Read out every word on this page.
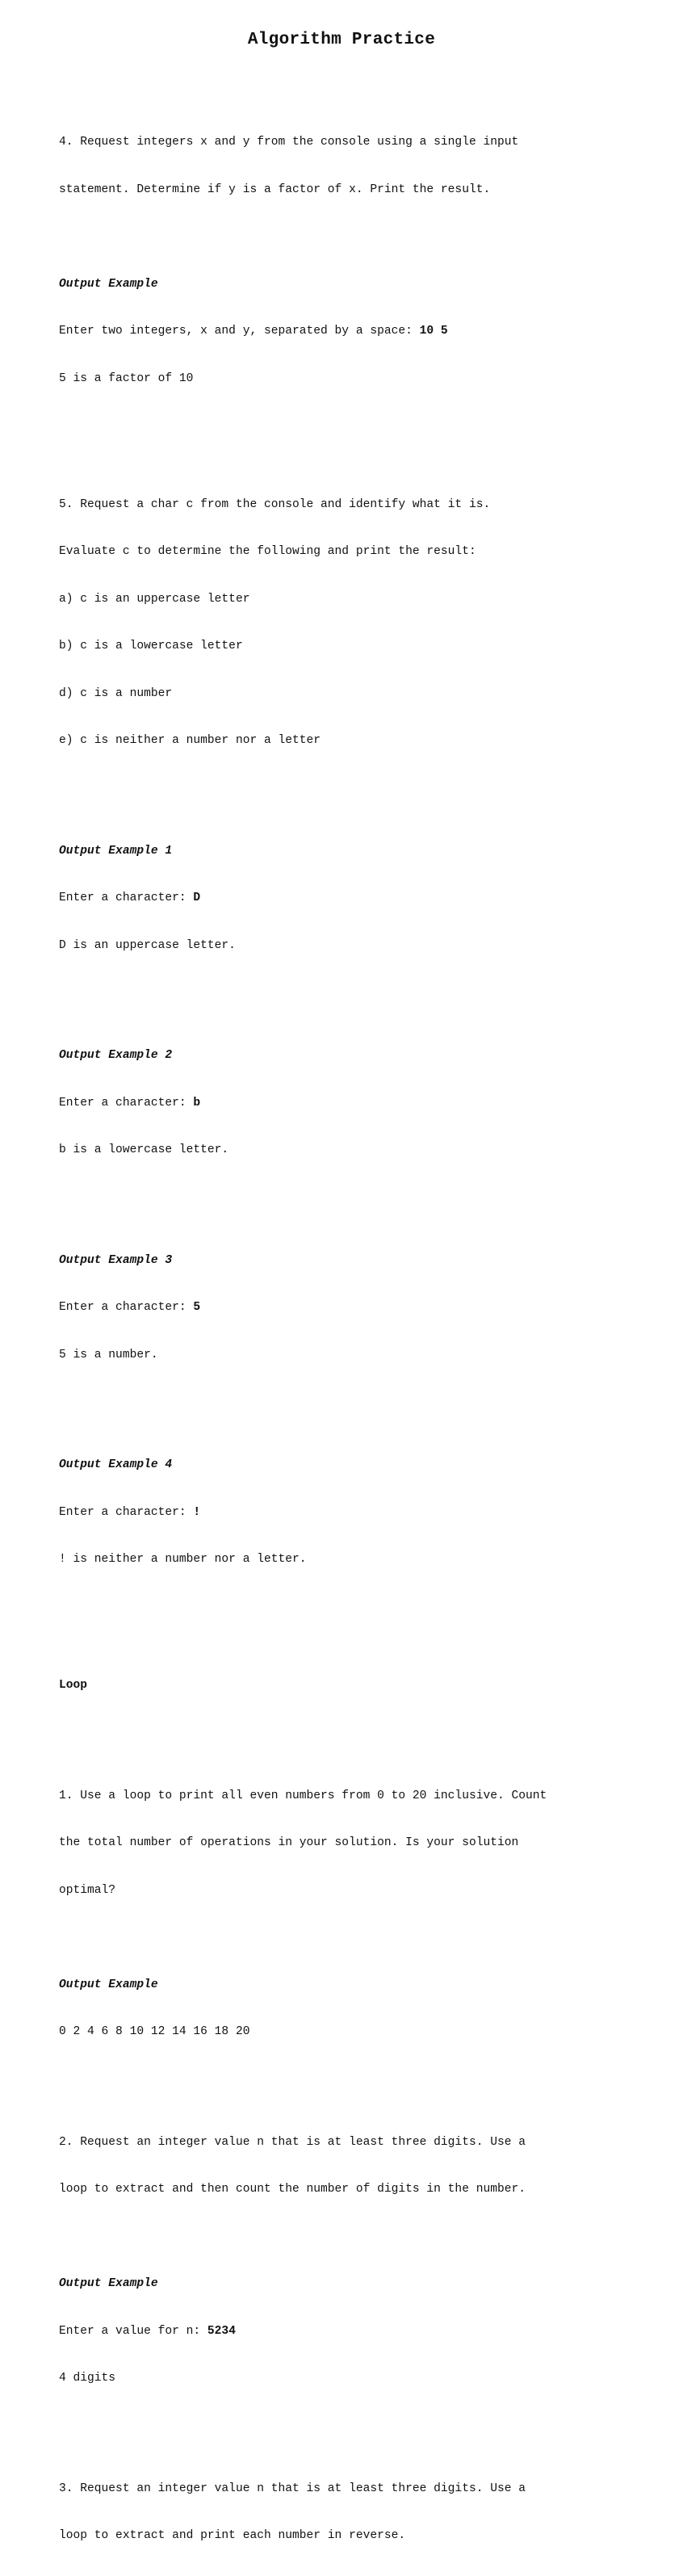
Algorithm Practice

4. Request integers x and y from the console using a single input

statement. Determine if y is a factor of x. Print the result.

Output Example

Enter two integers, x and y, separated by a space: 10 5

5 is a factor of 10

5. Request a char c from the console and identify what it is.

Evaluate c to determine the following and print the result:

a) c is an uppercase letter

b) c is a lowercase letter

d) c is a number

e) c is neither a number nor a letter

Output Example 1

Enter a character: D

D is an uppercase letter.

Output Example 2

Enter a character: b

b is a lowercase letter.

Output Example 3

Enter a character: 5

5 is a number.

Output Example 4

Enter a character: !

! is neither a number nor a letter.

Loop

1. Use a loop to print all even numbers from 0 to 20 inclusive. Count

the total number of operations in your solution. Is your solution

optimal?

Output Example

0 2 4 6 8 10 12 14 16 18 20

2. Request an integer value n that is at least three digits. Use a

loop to extract and then count the number of digits in the number.

Output Example

Enter a value for n: 5234

4 digits

3. Request an integer value n that is at least three digits. Use a

loop to extract and print each number in reverse.
